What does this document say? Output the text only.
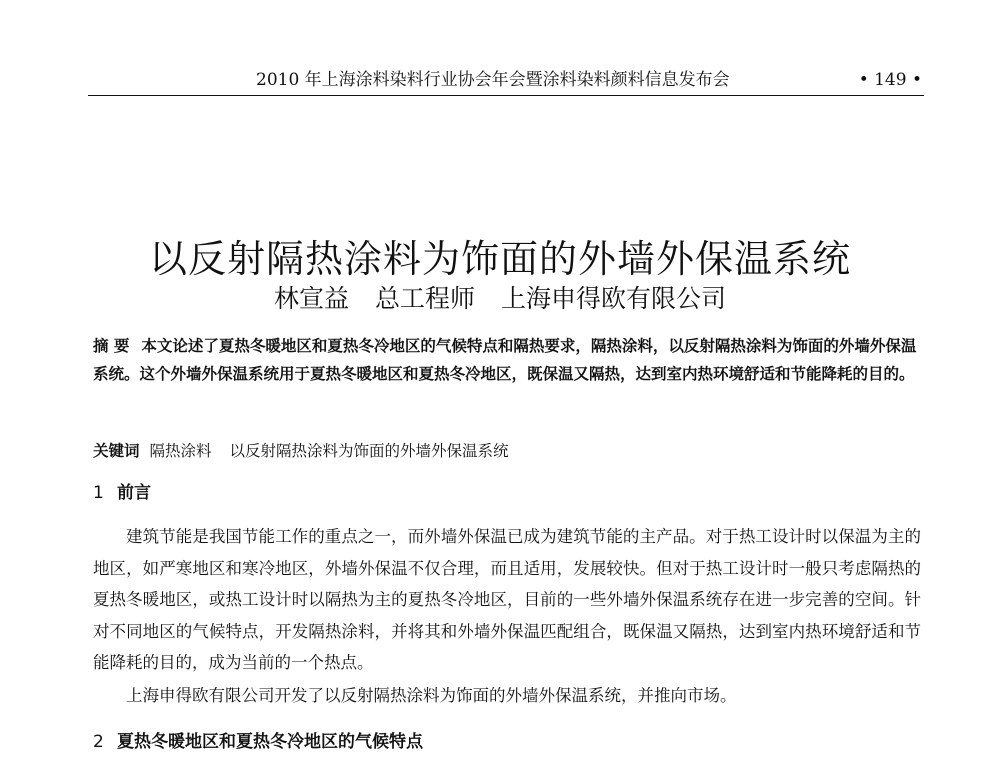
2010 年上海涂料染料行业协会年会暨涂料染料颜料信息发布会	• 149 •
以反射隔热涂料为饰面的外墙外保温系统
林宣益 总工程师 上海申得欧有限公司
摘 要 本文论述了夏热冬暖地区和夏热冬冷地区的气候特点和隔热要求，隔热涂料，以反射隔热涂料为饰面的外墙外保温系统。这个外墙外保温系统用于夏热冬暖地区和夏热冬冷地区，既保温又隔热，达到室内热环境舒适和节能降耗的目的。
关键词 隔热涂料 以反射隔热涂料为饰面的外墙外保温系统
1 前言

建筑节能是我国节能工作的重点之一，而外墙外保温已成为建筑节能的主产品。对于热工设计时以保温为主的地区，如严寒地区和寒冷地区，外墙外保温不仅合理，而且适用，发展较快。但对于热工设计时一般只考虑隔热的夏热冬暖地区，或热工设计时以隔热为主的夏热冬冷地区，目前的一些外墙外保温系统存在进一步完善的空间。针对不同地区的气候特点，开发隔热涂料，并将其和外墙外保温匹配组合，既保温又隔热，达到室内热环境舒适和节能降耗的目的，成为当前的一个热点。

上海申得欧有限公司开发了以反射隔热涂料为饰面的外墙外保温系统，并推向市场。

2 夏热冬暖地区和夏热冬冷地区的气候特点
